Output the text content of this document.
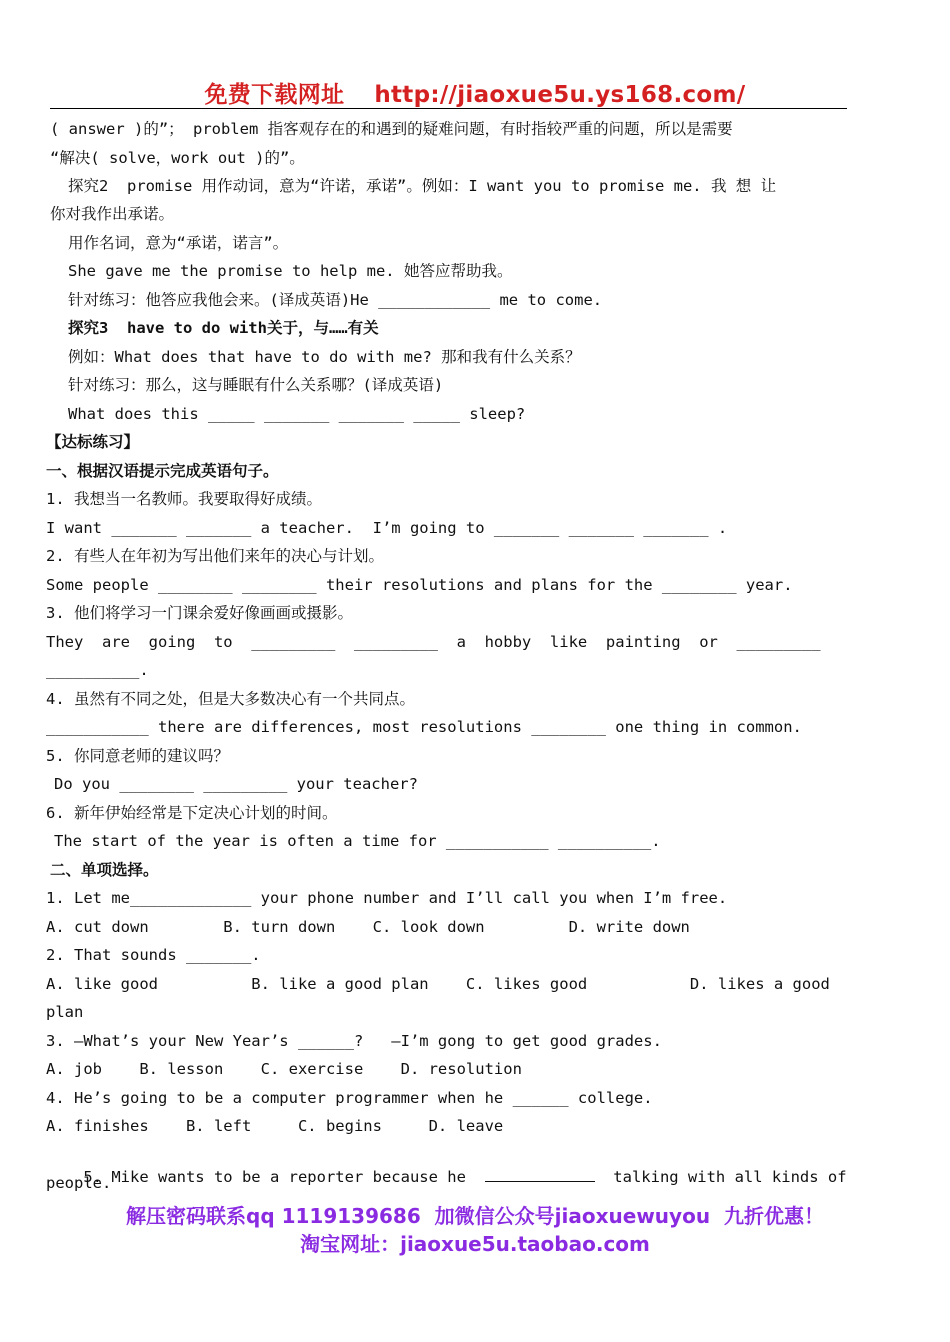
免费下载网址 http://jiaoxue5u.ys168.com/
( answer )的”； problem 指客观存在的和遇到的疑难问题，有时指较严重的问题，所以是需要
“解决( solve，work out )的”。
探究2  promise 用作动词，意为“许诺，承诺”。例如：I want you to promise me. 我 想 让
你对我作出承诺。
用作名词，意为“承诺，诺言”。
She gave me the promise to help me. 她答应帮助我。
针对练习：他答应我他会来。(译成英语)He ____________ me to come.
探究3  have to do with关于，与……有关
例如：What does that have to do with me? 那和我有什么关系？
针对练习：那么，这与睡眠有什么关系哪？(译成英语)
What does this _____ _______ _______ _____ sleep?
【达标练习】
一、根据汉语提示完成英语句子。
1. 我想当一名教师。我要取得好成绩。
I want _______ _______ a teacher.  I’m going to _______ _______ _______ .
2. 有些人在年初为写出他们来年的决心与计划。
Some people ________ ________ their resolutions and plans for the ________ year.
3. 他们将学习一门课余爱好像画画或摄影。
They  are  going  to  _________  _________  a  hobby  like  painting  or  _________
__________.
4. 虽然有不同之处，但是大多数决心有一个共同点。
___________ there are differences, most resolutions ________ one thing in common.
5. 你同意老师的建议吗？
Do you ________ _________ your teacher?
6. 新年伊始经常是下定决心计划的时间。
The start of the year is often a time for ___________ __________.
二、单项选择。
1. Let me_____________ your phone number and I’ll call you when I’m free.
A. cut down        B. turn down    C. look down         D. write down
2. That sounds _______.
A. like good          B. like a good plan    C. likes good           D. likes a good
plan
3. —What’s your New Year’s ______?   —I’m gong to get good grades.
A. job    B. lesson    C. exercise    D. resolution
4. He’s going to be a computer programmer when he ______ college.
A. finishes    B. left     C. begins     D. leave

5. Mike wants to be a reporter because he	talking with all kinds of

people.
解压密码联系qq 1119139686  加微信公众号jiaoxuewuyou  九折优惠！
淘宝网址：jiaoxue5u.taobao.com
